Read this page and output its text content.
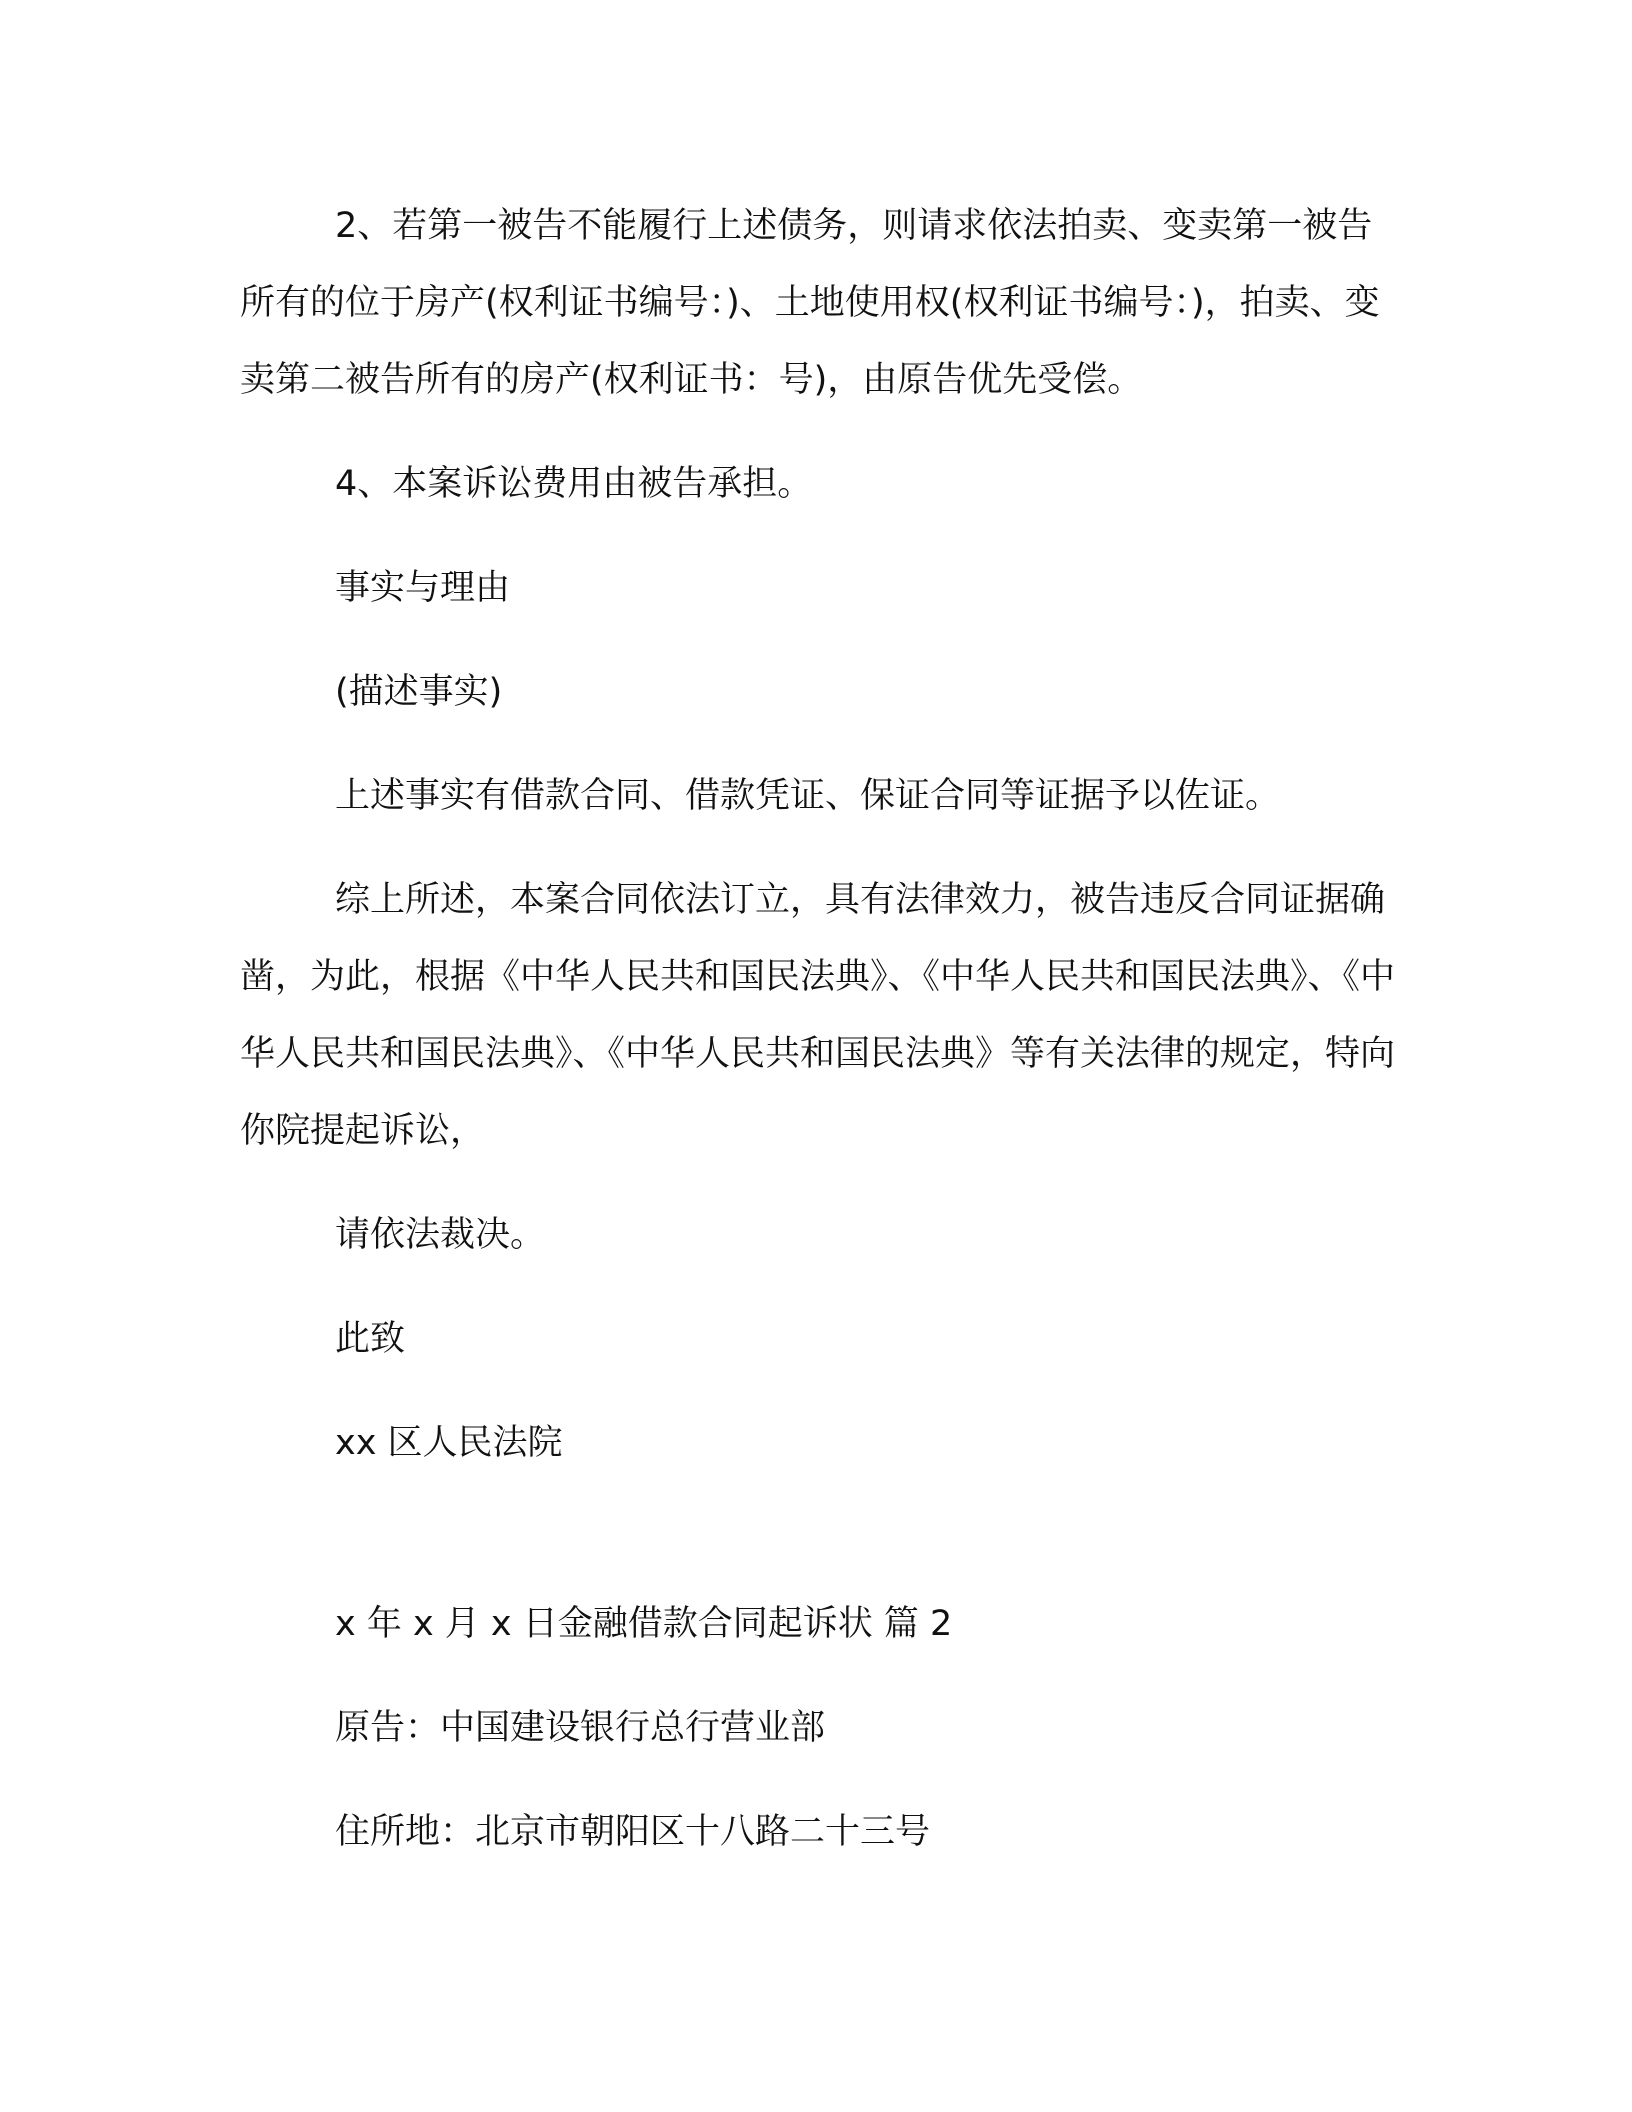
2、若第一被告不能履行上述债务，则请求依法拍卖、变卖第一被告所有的位于房产(权利证书编号：)、土地使用权(权利证书编号：)，拍卖、变卖第二被告所有的房产(权利证书：号)，由原告优先受偿。

4、本案诉讼费用由被告承担。

事实与理由

(描述事实)

上述事实有借款合同、借款凭证、保证合同等证据予以佐证。

综上所述，本案合同依法订立，具有法律效力，被告违反合同证据确凿，为此，根据《中华人民共和国民法典》、《中华人民共和国民法典》、《中华人民共和国民法典》、《中华人民共和国民法典》等有关法律的规定，特向你院提起诉讼，

请依法裁决。

此致

xx 区人民法院

x 年 x 月 x 日金融借款合同起诉状 篇 2

原告：中国建设银行总行营业部

住所地：北京市朝阳区十八路二十三号
